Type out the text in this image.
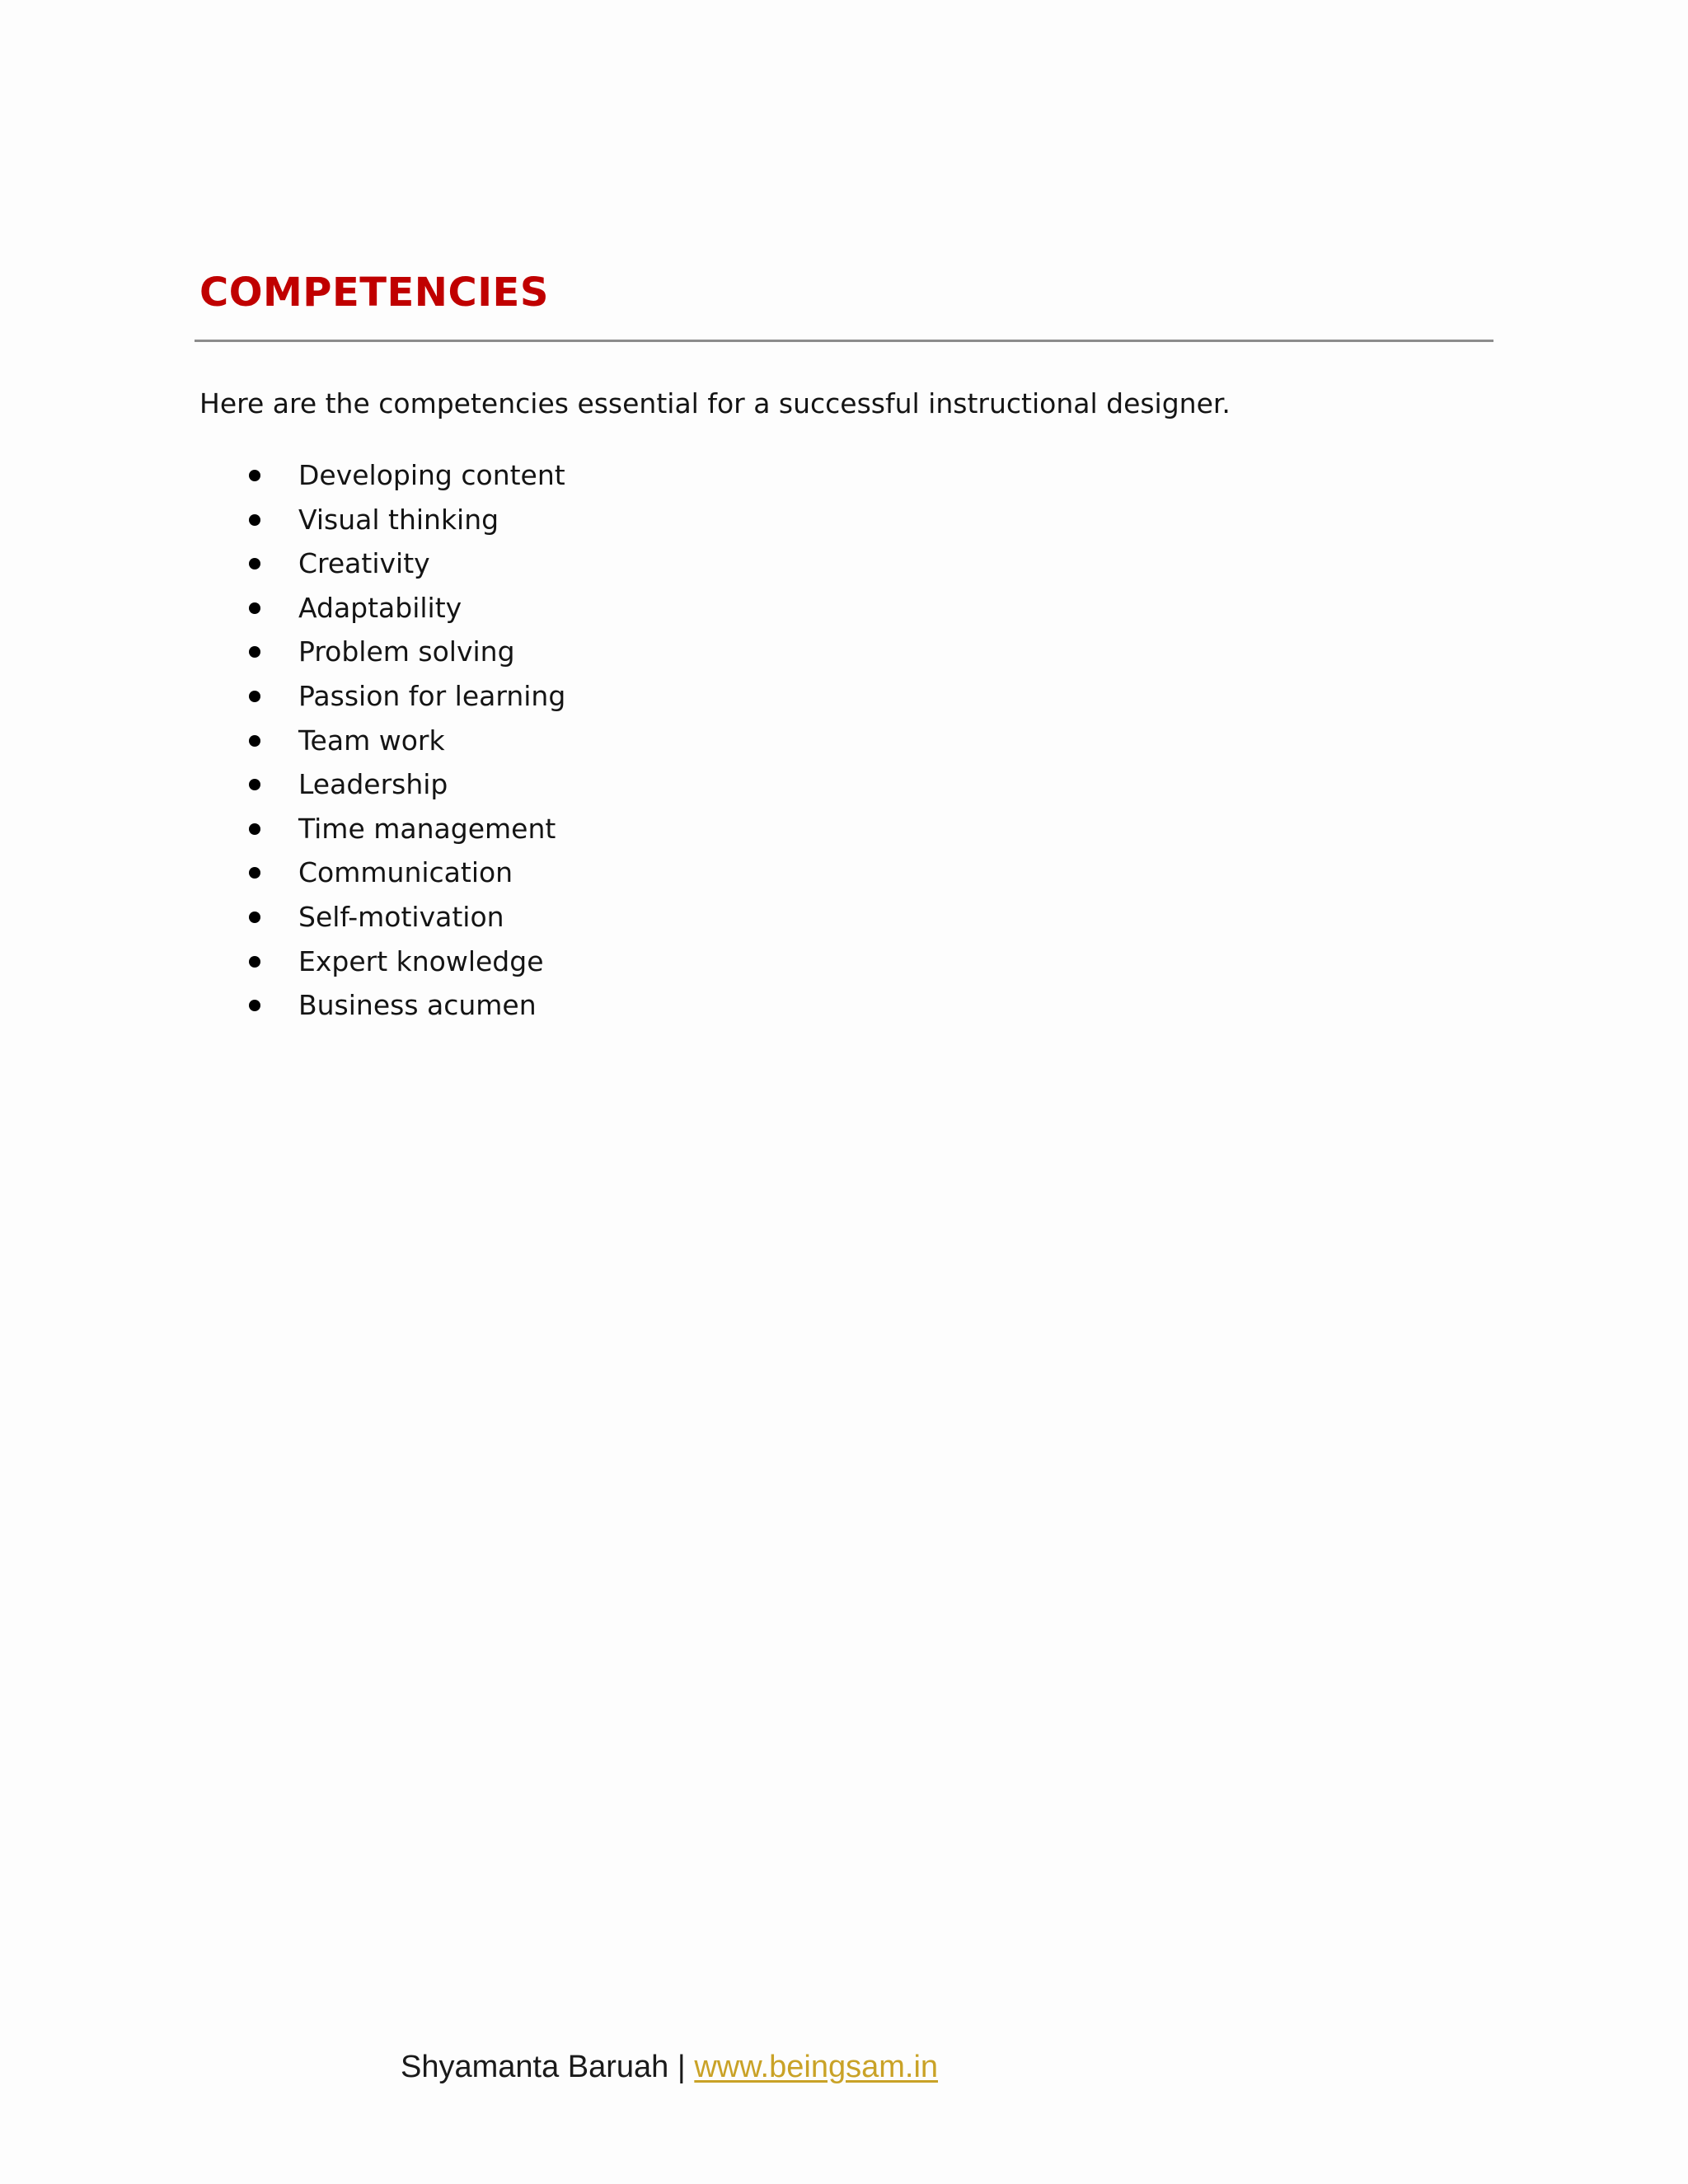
COMPETENCIES

Here are the competencies essential for a successful instructional designer.

Developing content
Visual thinking
Creativity
Adaptability
Problem solving
Passion for learning
Team work
Leadership
Time management
Communication
Self-motivation
Expert knowledge
Business acumen
Shyamanta Baruah | www.beingsam.in
